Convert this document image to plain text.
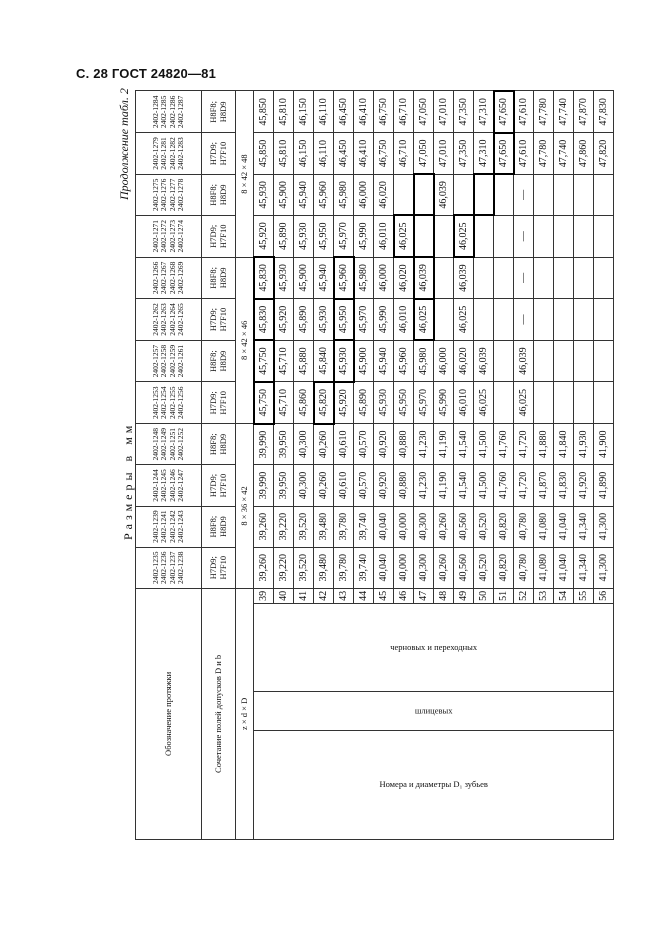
С. 28 ГОСТ 24820—81
Продолжение табл. 2
Размеры в мм
Обозначение протяжки				2402-1235 2402-1236 2402-1237 2402-1238	2402-1239 2402-1241 2402-1242 2402-1243	2402-1244 2402-1245 2402-1246 2402-1247	2402-1248 2402-1249 2402-1251 2402-1252	2402-1253 2402-1254 2402-1255 2402-1256	2402-1257 2402-1258 2402-1259 2402-1261	2402-1262 2402-1263 2402-1264 2402-1265	2402-1266 2402-1267 2402-1268 2402-1269	2402-1271 2402-1272 2402-1273 2402-1274	2402-1275 2402-1276 2402-1277 2402-1278	2402-1279 2402-1281 2402-1282 2402-1283	2402-1284 2402-1285 2402-1286 2402-1287
Сочетание полей допусков D и b				H7D9; H7F10	H8F8; H8D9	H7D9; H7F10	H8F8; H8D9	H7D9; H7F10	H8F8; H8D9	H7D9; H7F10	H8F8; H8D9	H7D9; H7F10	H8F8; H8D9	H7D9; H7F10	H8F8; H8D9
z × d × D				8 × 36 × 42				8 × 42 × 46				8 × 42 × 48			
Номера и диаметры D₁ зубьев	шлицевых	черновых и переходных	39	39,260	39,260	39,990	39,990	45,750	45,750	45,830	45,830	45,920	45,930	45,850	45,850
			40	39,220	39,220	39,950	39,950	45,710	45,710	45,920	45,930	45,890	45,900	45,810	45,810
			41	39,520	39,520	40,300	40,300	45,860	45,880	45,890	45,900	45,930	45,940	46,150	46,150
			42	39,480	39,480	40,260	40,260	45,820	45,840	45,930	45,940	45,950	45,960	46,110	46,110
			43	39,780	39,780	40,610	40,610	45,920	45,930	45,950	45,960	45,970	45,980	46,450	46,450
			44	39,740	39,740	40,570	40,570	45,890	45,900	45,970	45,980	45,990	46,000	46,410	46,410
			45	40,040	40,040	40,920	40,920	45,930	45,940	45,990	46,000	46,010	46,020	46,750	46,750
			46	40,000	40,000	40,880	40,880	45,950	45,960	46,010	46,020	46,025		46,710	46,710
			47	40,300	40,300	41,230	41,230	45,970	45,980	46,025	46,039			47,050	47,050
			48	40,260	40,260	41,190	41,190	45,990	46,000				46,039	47,010	47,010
			49	40,560	40,560	41,540	41,540	46,010	46,020	46,025	46,039	46,025		47,350	47,350
			50	40,520	40,520	41,500	41,500	46,025	46,039					47,310	47,310
			51	40,820	40,820	41,760	41,760							47,650	47,650
			52	40,780	40,780	41,720	41,720	46,025	46,039	—	—	—	—	47,610	47,610
			53	41,080	41,080	41,870	41,880							47,780	47,780
			54	41,040	41,040	41,830	41,840							47,740	47,740
			55	41,340	41,340	41,920	41,930							47,860	47,870
			56	41,300	41,300	41,890	41,900							47,820	47,830
